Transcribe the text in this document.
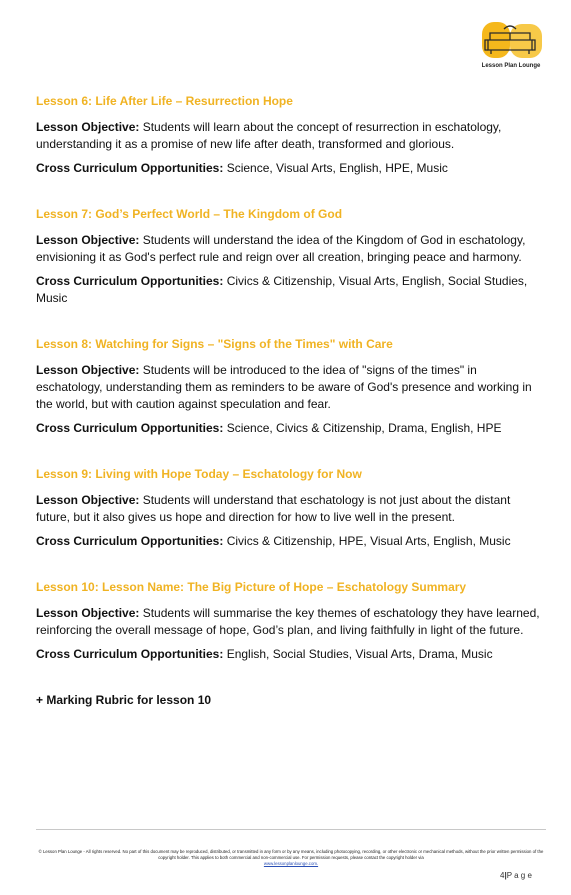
Lesson Plan Lounge
Lesson 6: Life After Life – Resurrection Hope
Lesson Objective: Students will learn about the concept of resurrection in eschatology, understanding it as a promise of new life after death, transformed and glorious.
Cross Curriculum Opportunities: Science, Visual Arts, English, HPE, Music
Lesson 7: God’s Perfect World – The Kingdom of God
Lesson Objective: Students will understand the idea of the Kingdom of God in eschatology, envisioning it as God's perfect rule and reign over all creation, bringing peace and harmony.
Cross Curriculum Opportunities: Civics & Citizenship, Visual Arts, English, Social Studies, Music
Lesson 8: Watching for Signs – "Signs of the Times" with Care
Lesson Objective: Students will be introduced to the idea of "signs of the times" in eschatology, understanding them as reminders to be aware of God's presence and working in the world, but with caution against speculation and fear.
Cross Curriculum Opportunities: Science, Civics & Citizenship, Drama, English, HPE
Lesson 9: Living with Hope Today – Eschatology for Now
Lesson Objective: Students will understand that eschatology is not just about the distant future, but it also gives us hope and direction for how to live well in the present.
Cross Curriculum Opportunities: Civics & Citizenship, HPE, Visual Arts, English, Music
Lesson 10: Lesson Name: The Big Picture of Hope – Eschatology Summary
Lesson Objective: Students will summarise the key themes of eschatology they have learned, reinforcing the overall message of hope, God’s plan, and living faithfully in light of the future.
Cross Curriculum Opportunities: English, Social Studies, Visual Arts, Drama, Music
+ Marking Rubric for lesson 10
© Lesson Plan Lounge - All rights reserved. No part of this document may be reproduced, distributed, or transmitted in any form or by any means, including photocopying, recording, or other electronic or mechanical methods, without the prior written permission of the copyright holder. This applies to both commercial and non-commercial use. For permission requests, please contact the copyright holder via
www.lessonplanlounge.com.
4|P a g e
